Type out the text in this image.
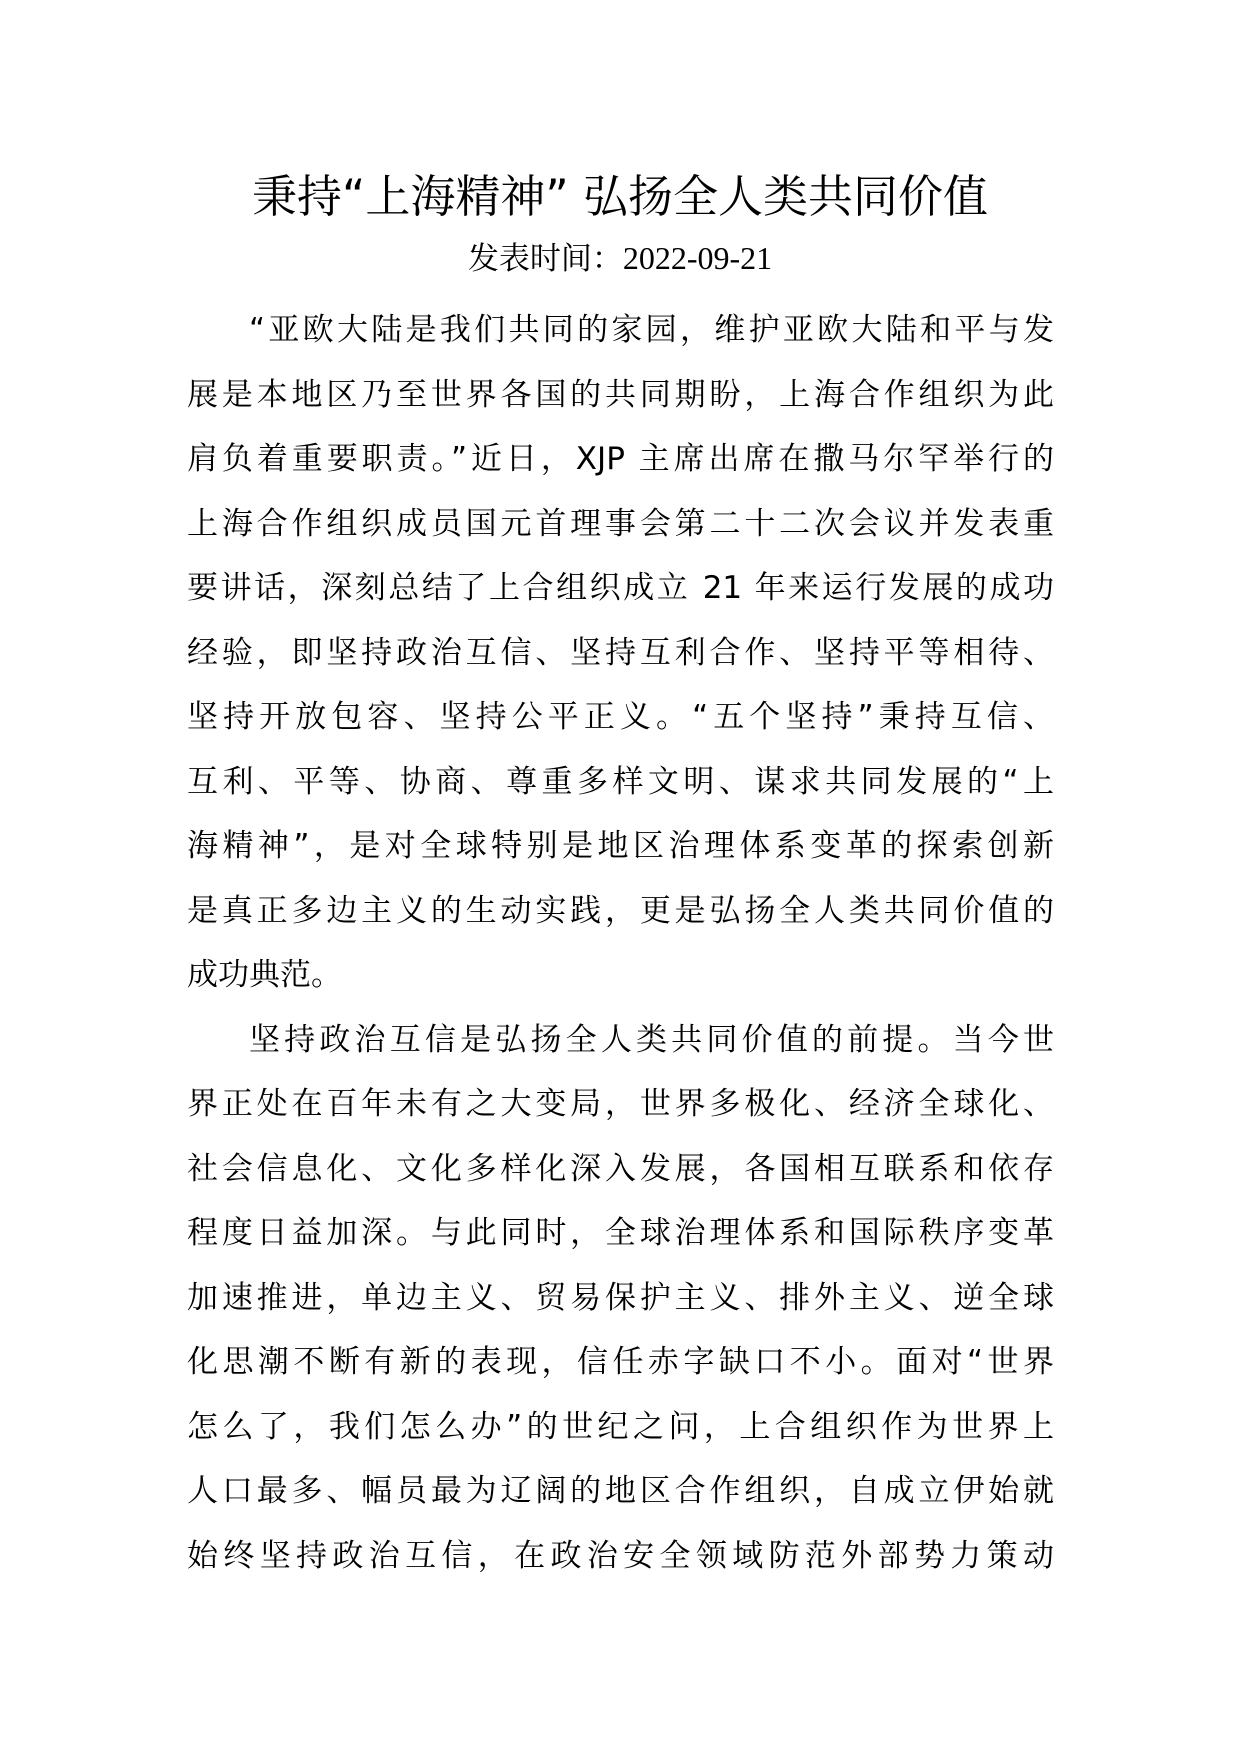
秉持“上海精神” 弘扬全人类共同价值
发表时间：2022-09-21
“亚欧大陆是我们共同的家园，维护亚欧大陆和平与发
展是本地区乃至世界各国的共同期盼，上海合作组织为此
肩负着重要职责。”近日，XJP 主席出席在撒马尔罕举行的
上海合作组织成员国元首理事会第二十二次会议并发表重
要讲话，深刻总结了上合组织成立 21 年来运行发展的成功
经验，即坚持政治互信、坚持互利合作、坚持平等相待、
坚持开放包容、坚持公平正义。“五个坚持”秉持互信、
互利、平等、协商、尊重多样文明、谋求共同发展的“上
海精神”，是对全球特别是地区治理体系变革的探索创新
是真正多边主义的生动实践，更是弘扬全人类共同价值的
成功典范。
坚持政治互信是弘扬全人类共同价值的前提。当今世
界正处在百年未有之大变局，世界多极化、经济全球化、
社会信息化、文化多样化深入发展，各国相互联系和依存
程度日益加深。与此同时，全球治理体系和国际秩序变革
加速推进，单边主义、贸易保护主义、排外主义、逆全球
化思潮不断有新的表现，信任赤字缺口不小。面对“世界
怎么了，我们怎么办”的世纪之问，上合组织作为世界上
人口最多、幅员最为辽阔的地区合作组织，自成立伊始就
始终坚持政治互信，在政治安全领域防范外部势力策动
